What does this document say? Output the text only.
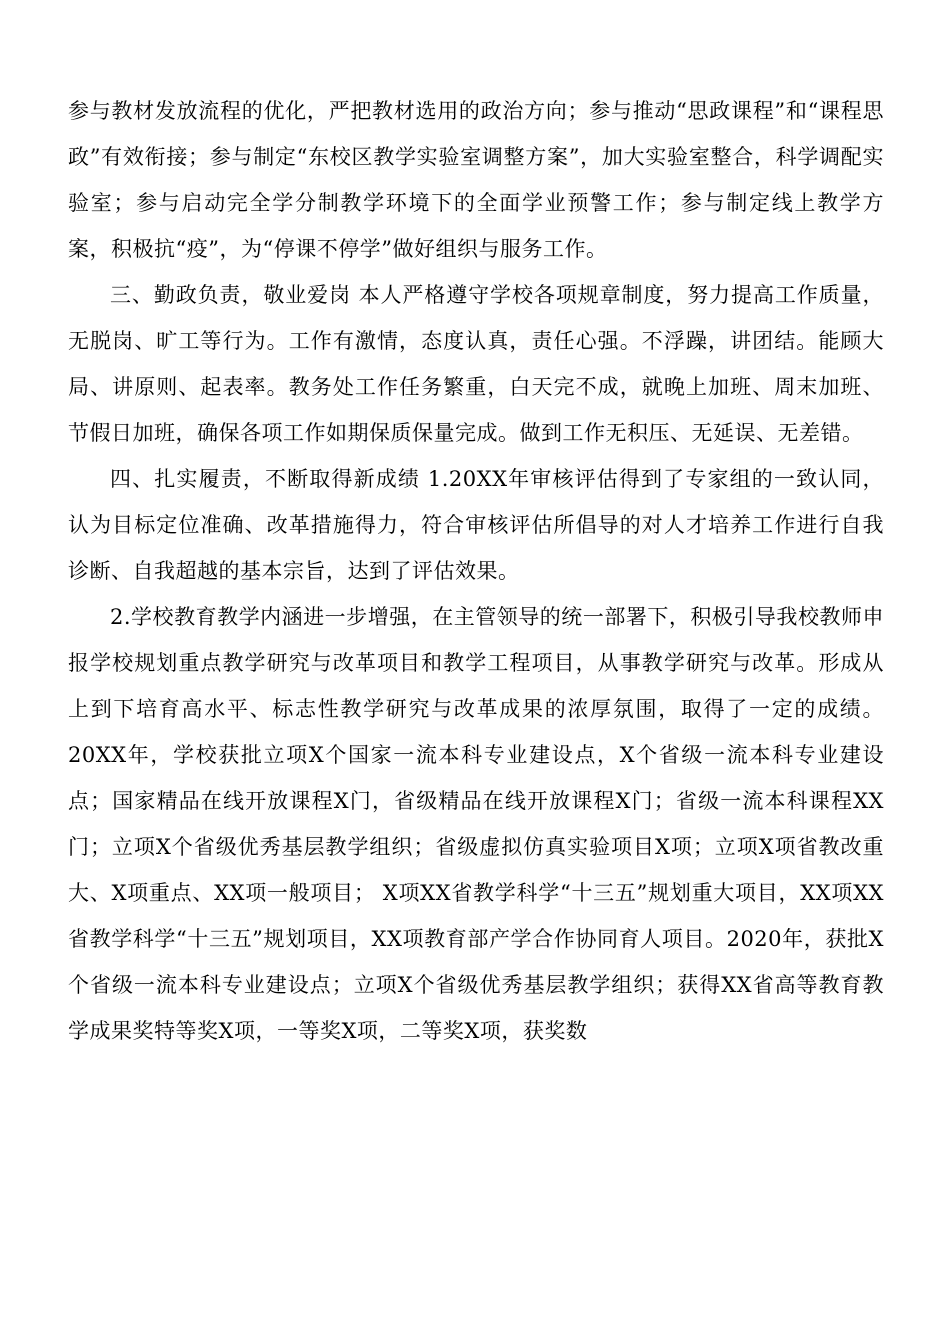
参与教材发放流程的优化，严把教材选用的政治方向；参与推动“思政课程”和“课程思政”有效衔接；参与制定“东校区教学实验室调整方案”，加大实验室整合，科学调配实验室；参与启动完全学分制教学环境下的全面学业预警工作；参与制定线上教学方案，积极抗“疫”，为“停课不停学”做好组织与服务工作。

三、勤政负责，敬业爱岗 本人严格遵守学校各项规章制度，努力提高工作质量，无脱岗、旷工等行为。工作有激情，态度认真，责任心强。不浮躁，讲团结。能顾大局、讲原则、起表率。教务处工作任务繁重，白天完不成，就晚上加班、周末加班、节假日加班，确保各项工作如期保质保量完成。做到工作无积压、无延误、无差错。

四、扎实履责，不断取得新成绩 1.20XX年审核评估得到了专家组的一致认同，认为目标定位准确、改革措施得力，符合审核评估所倡导的对人才培养工作进行自我诊断、自我超越的基本宗旨，达到了评估效果。

2.学校教育教学内涵进一步增强，在主管领导的统一部署下，积极引导我校教师申报学校规划重点教学研究与改革项目和教学工程项目，从事教学研究与改革。形成从上到下培育高水平、标志性教学研究与改革成果的浓厚氛围，取得了一定的成绩。20XX年，学校获批立项X个国家一流本科专业建设点，X个省级一流本科专业建设点；国家精品在线开放课程X门，省级精品在线开放课程X门；省级一流本科课程XX门；立项X个省级优秀基层教学组织；省级虚拟仿真实验项目X项；立项X项省教改重大、X项重点、XX项一般项目； X项XX省教学科学“十三五”规划重大项目，XX项XX省教学科学“十三五”规划项目，XX项教育部产学合作协同育人项目。2020年，获批X个省级一流本科专业建设点；立项X个省级优秀基层教学组织；获得XX省高等教育教学成果奖特等奖X项，一等奖X项，二等奖X项，获奖数
